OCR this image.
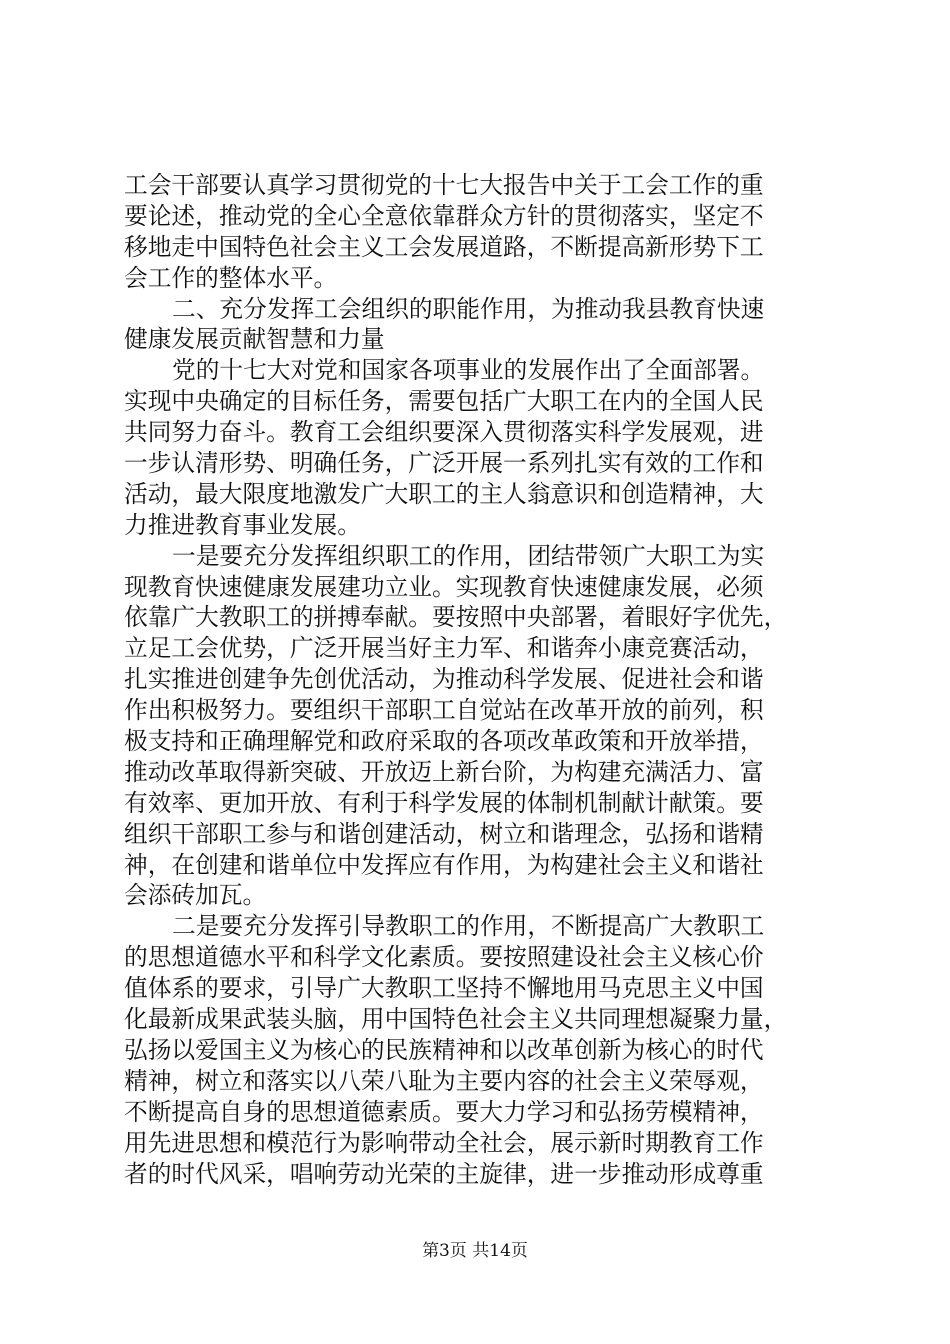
工会干部要认真学习贯彻党的十七大报告中关于工会工作的重
要论述，推动党的全心全意依靠群众方针的贯彻落实，坚定不
移地走中国特色社会主义工会发展道路，不断提高新形势下工
会工作的整体水平。
二、充分发挥工会组织的职能作用，为推动我县教育快速
健康发展贡献智慧和力量
党的十七大对党和国家各项事业的发展作出了全面部署。
实现中央确定的目标任务，需要包括广大职工在内的全国人民
共同努力奋斗。教育工会组织要深入贯彻落实科学发展观，进
一步认清形势、明确任务，广泛开展一系列扎实有效的工作和
活动，最大限度地激发广大职工的主人翁意识和创造精神，大
力推进教育事业发展。
一是要充分发挥组织职工的作用，团结带领广大职工为实
现教育快速健康发展建功立业。实现教育快速健康发展，必须
依靠广大教职工的拼搏奉献。要按照中央部署，着眼好字优先，
立足工会优势，广泛开展当好主力军、和谐奔小康竞赛活动，
扎实推进创建争先创优活动，为推动科学发展、促进社会和谐
作出积极努力。要组织干部职工自觉站在改革开放的前列，积
极支持和正确理解党和政府采取的各项改革政策和开放举措，
推动改革取得新突破、开放迈上新台阶，为构建充满活力、富
有效率、更加开放、有利于科学发展的体制机制献计献策。要
组织干部职工参与和谐创建活动，树立和谐理念，弘扬和谐精
神，在创建和谐单位中发挥应有作用，为构建社会主义和谐社
会添砖加瓦。
二是要充分发挥引导教职工的作用，不断提高广大教职工
的思想道德水平和科学文化素质。要按照建设社会主义核心价
值体系的要求，引导广大教职工坚持不懈地用马克思主义中国
化最新成果武装头脑，用中国特色社会主义共同理想凝聚力量，
弘扬以爱国主义为核心的民族精神和以改革创新为核心的时代
精神，树立和落实以八荣八耻为主要内容的社会主义荣辱观，
不断提高自身的思想道德素质。要大力学习和弘扬劳模精神，
用先进思想和模范行为影响带动全社会，展示新时期教育工作
者的时代风采，唱响劳动光荣的主旋律，进一步推动形成尊重
第3页 共14页
